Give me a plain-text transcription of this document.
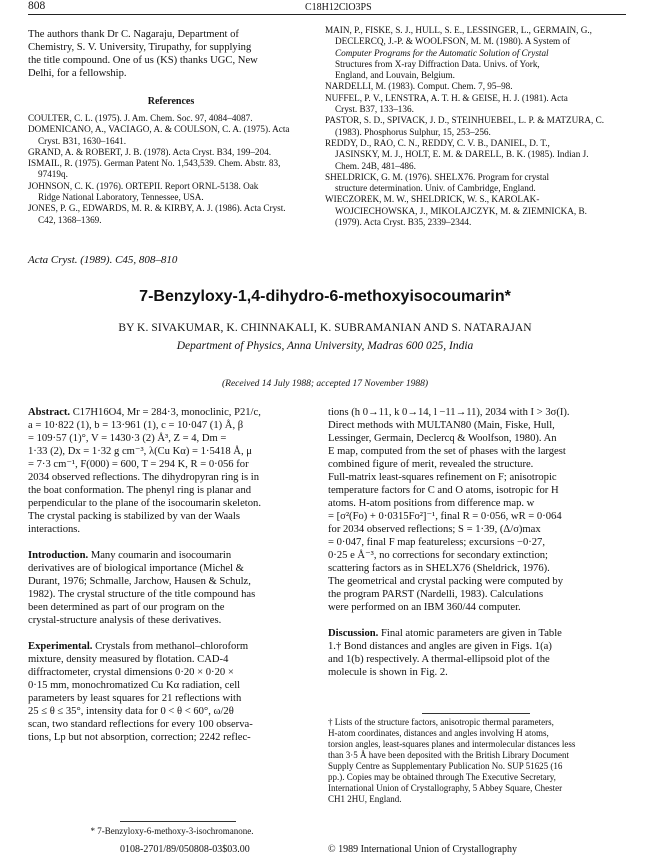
808	C18H12ClO3PS
The authors thank Dr C. Nagaraju, Department of
Chemistry, S. V. University, Tirupathy, for supplying
the title compound. One of us (KS) thanks UGC, New
Delhi, for a fellowship.
References

COULTER, C. L. (1975). J. Am. Chem. Soc. 97, 4084–4087.

DOMENICANO, A., VACIAGO, A. & COULSON, C. A. (1975). Acta

Cryst. B31, 1630–1641.

GRAND, A. & ROBERT, J. B. (1978). Acta Cryst. B34, 199–204.

ISMAIL, R. (1975). German Patent No. 1,543,539. Chem. Abstr. 83,

97419q.

JOHNSON, C. K. (1976). ORTEPII. Report ORNL-5138. Oak

Ridge National Laboratory, Tennessee, USA.

JONES, P. G., EDWARDS, M. R. & KIRBY, A. J. (1986). Acta Cryst.

C42, 1368–1369.

MAIN, P., FISKE, S. J., HULL, S. E., LESSINGER, L., GERMAIN, G.,

DECLERCQ, J.-P. & WOOLFSON, M. M. (1980). A System of

Computer Programs for the Automatic Solution of Crystal

Structures from X-ray Diffraction Data. Univs. of York,

England, and Louvain, Belgium.

NARDELLI, M. (1983). Comput. Chem. 7, 95–98.

NUFFEL, P. V., LENSTRA, A. T. H. & GEISE, H. J. (1981). Acta

Cryst. B37, 133–136.

PASTOR, S. D., SPIVACK, J. D., STEINHUEBEL, L. P. & MATZURA, C.

(1983). Phosphorus Sulphur, 15, 253–256.

REDDY, D., RAO, C. N., REDDY, C. V. B., DANIEL, D. T.,

JASINSKY, M. J., HOLT, E. M. & DARELL, B. K. (1985). Indian J.

Chem. 24B, 481–486.

SHELDRICK, G. M. (1976). SHELX76. Program for crystal

structure determination. Univ. of Cambridge, England.

WIECZOREK, M. W., SHELDRICK, W. S., KAROLAK-

WOJCIECHOWSKA, J., MIKOLAJCZYK, M. & ZIEMNICKA, B.

(1979). Acta Cryst. B35, 2339–2344.

Acta Cryst. (1989). C45, 808–810
7-Benzyloxy-1,4-dihydro-6-methoxyisocoumarin*
BY K. SIVAKUMAR, K. CHINNAKALI, K. SUBRAMANIAN AND S. NATARAJAN
Department of Physics, Anna University, Madras 600 025, India
(Received 14 July 1988; accepted 17 November 1988)
Abstract. C17H16O4, Mr = 284·3, monoclinic, P21/c,
a = 10·822 (1), b = 13·961 (1), c = 10·047 (1) Å, β
= 109·57 (1)°, V = 1430·3 (2) Å³, Z = 4, Dm =
1·33 (2), Dx = 1·32 g cm⁻³, λ(Cu Kα) = 1·5418 Å, μ
= 7·3 cm⁻¹, F(000) = 600, T = 294 K, R = 0·056 for
2034 observed reflections. The dihydropyran ring is in
the boat conformation. The phenyl ring is planar and
perpendicular to the plane of the isocoumarin skeleton.
The crystal packing is stabilized by van der Waals
interactions.
Introduction. Many coumarin and isocoumarin
derivatives are of biological importance (Michel &
Durant, 1976; Schmalle, Jarchow, Hausen & Schulz,
1982). The crystal structure of the title compound has
been determined as part of our program on the
crystal-structure analysis of these derivatives.
Experimental. Crystals from methanol–chloroform
mixture, density measured by flotation. CAD-4
diffractometer, crystal dimensions 0·20 × 0·20 ×
0·15 mm, monochromatized Cu Kα radiation, cell
parameters by least squares for 21 reflections with
25 ≤ θ ≤ 35°, intensity data for 0 < θ < 60°, ω/2θ
scan, two standard reflections for every 100 observa-
tions, Lp but not absorption, correction; 2242 reflec-
tions (h 0→11, k 0→14, l −11→11), 2034 with I > 3σ(I).
Direct methods with MULTAN80 (Main, Fiske, Hull,
Lessinger, Germain, Declercq & Woolfson, 1980). An
E map, computed from the set of phases with the largest
combined figure of merit, revealed the structure.
Full-matrix least-squares refinement on F; anisotropic
temperature factors for C and O atoms, isotropic for H
atoms. H-atom positions from difference map. w
= [σ²(Fo) + 0·0315Fo²]⁻¹, final R = 0·056, wR = 0·064
for 2034 observed reflections; S = 1·39, (Δ/σ)max
= 0·047, final F map featureless; excursions −0·27,
0·25 e Å⁻³, no corrections for secondary extinction;
scattering factors as in SHELX76 (Sheldrick, 1976).
The geometrical and crystal packing were computed by
the program PARST (Nardelli, 1983). Calculations
were performed on an IBM 360/44 computer.
Discussion. Final atomic parameters are given in Table
1.† Bond distances and angles are given in Figs. 1(a)
and 1(b) respectively. A thermal-ellipsoid plot of the
molecule is shown in Fig. 2.
† Lists of the structure factors, anisotropic thermal parameters,
H-atom coordinates, distances and angles involving H atoms,
torsion angles, least-squares planes and intermolecular distances less
than 3·5 Å have been deposited with the British Library Document
Supply Centre as Supplementary Publication No. SUP 51625 (16
pp.). Copies may be obtained through The Executive Secretary,
International Union of Crystallography, 5 Abbey Square, Chester
CH1 2HU, England.
* 7-Benzyloxy-6-methoxy-3-isochromanone.
0108-2701/89/050808-03$03.00	© 1989 International Union of Crystallography
